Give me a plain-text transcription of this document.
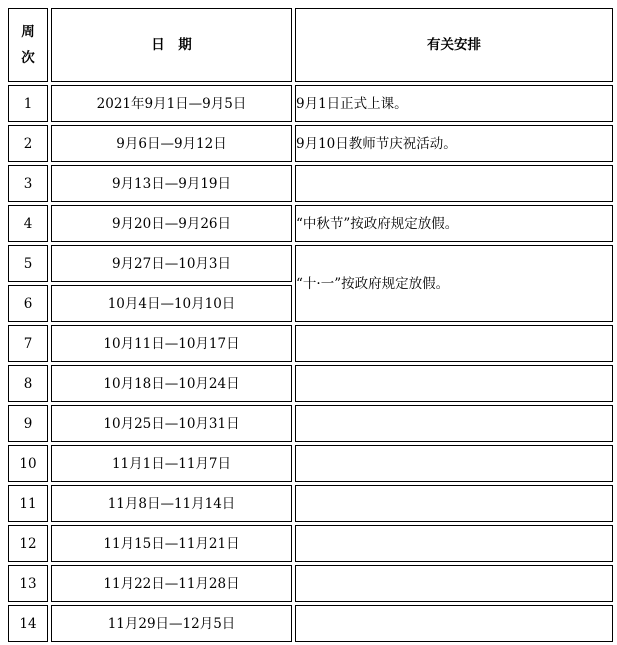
周
次	日　期	有关安排
1	2021年9月1日—9月5日	9月1日正式上课。
2	9月6日—9月12日	9月10日教师节庆祝活动。
3	9月13日—9月19日	
4	9月20日—9月26日	“中秋节”按政府规定放假。
5	9月27日—10月3日	“十·一”按政府规定放假。
6	10月4日—10月10日	
7	10月11日—10月17日	
8	10月18日—10月24日	
9	10月25日—10月31日	
10	11月1日—11月7日	
11	11月8日—11月14日	
12	11月15日—11月21日	
13	11月22日—11月28日	
14	11月29日—12月5日	
